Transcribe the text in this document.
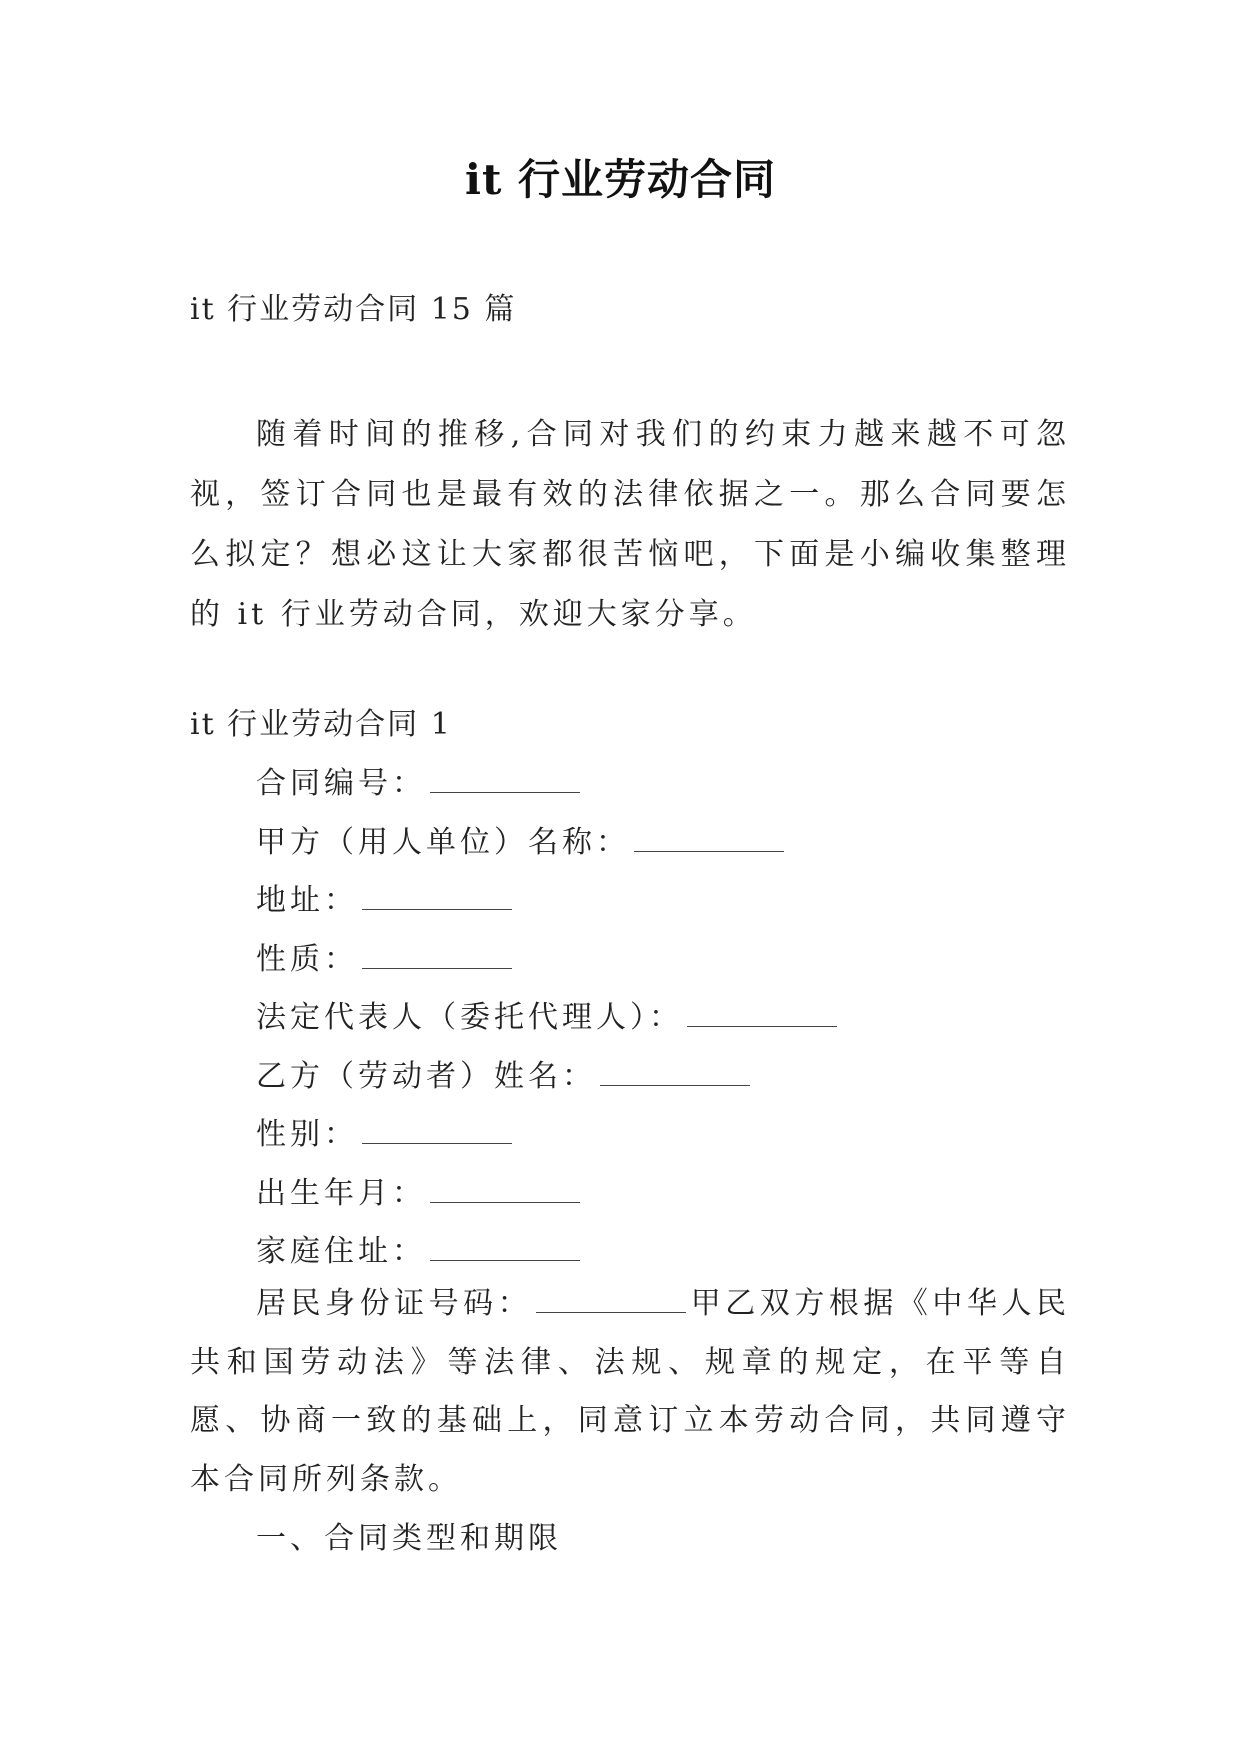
it 行业劳动合同
it 行业劳动合同 15 篇

随着时间的推移,合同对我们的约束力越来越不可忽视，签订合同也是最有效的法律依据之一。那么合同要怎么拟定？想必这让大家都很苦恼吧，下面是小编收集整理的 it 行业劳动合同，欢迎大家分享。

it 行业劳动合同 1
合同编号：
甲方（用人单位）名称：
地址：
性质：
法定代表人（委托代理人）：
乙方（劳动者）姓名：
性别：
出生年月：
家庭住址：

居民身份证号码：	甲乙双方根据《中华人民共和国劳动法》等法律、法规、规章的规定，在平等自愿、协商一致的基础上，同意订立本劳动合同，共同遵守本合同所列条款。

一、合同类型和期限
